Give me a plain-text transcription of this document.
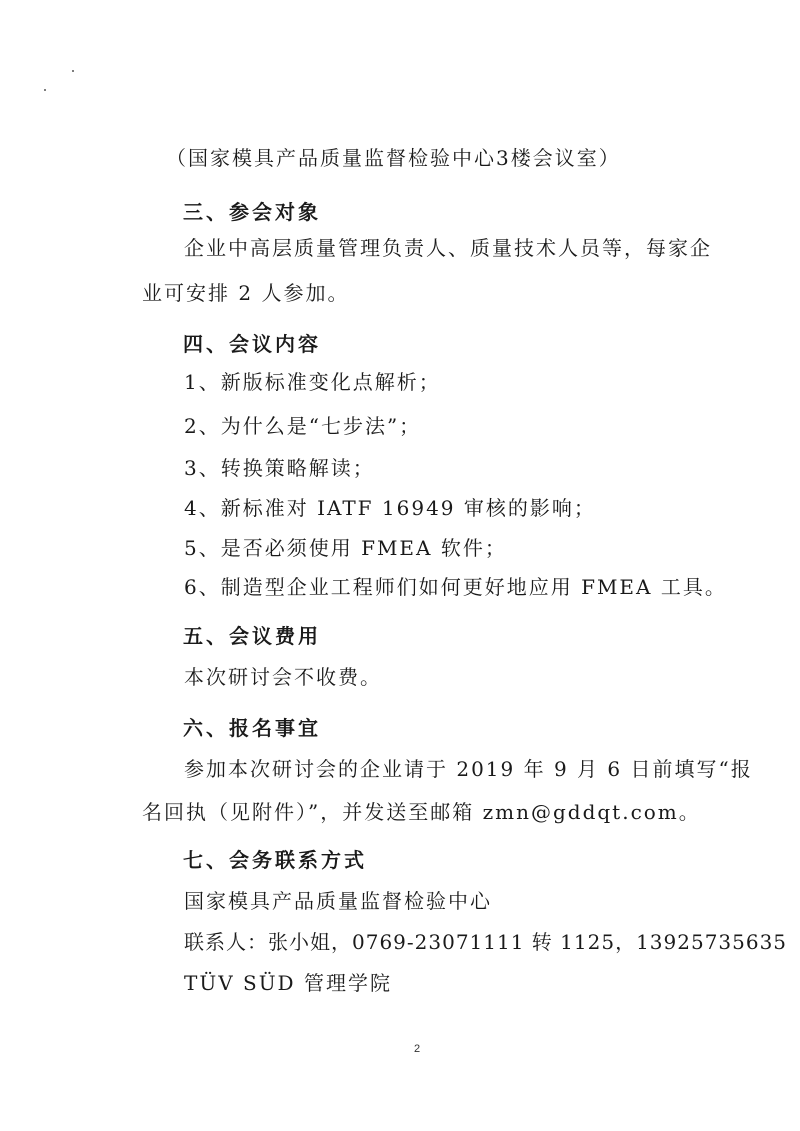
（国家模具产品质量监督检验中心3楼会议室）
三、参会对象
企业中高层质量管理负责人、质量技术人员等，每家企
业可安排 2 人参加。
四、会议内容
1、新版标准变化点解析；
2、为什么是“七步法”；
3、转换策略解读；
4、新标准对 IATF 16949 审核的影响；
5、是否必须使用 FMEA 软件；
6、制造型企业工程师们如何更好地应用 FMEA 工具。
五、会议费用
本次研讨会不收费。
六、报名事宜
参加本次研讨会的企业请于 2019 年 9 月 6 日前填写“报
名回执（见附件）”，并发送至邮箱 zmn@gddqt.com。
七、会务联系方式
国家模具产品质量监督检验中心
联系人：张小姐，0769-23071111 转 1125，13925735635
TÜV SÜD 管理学院
2
